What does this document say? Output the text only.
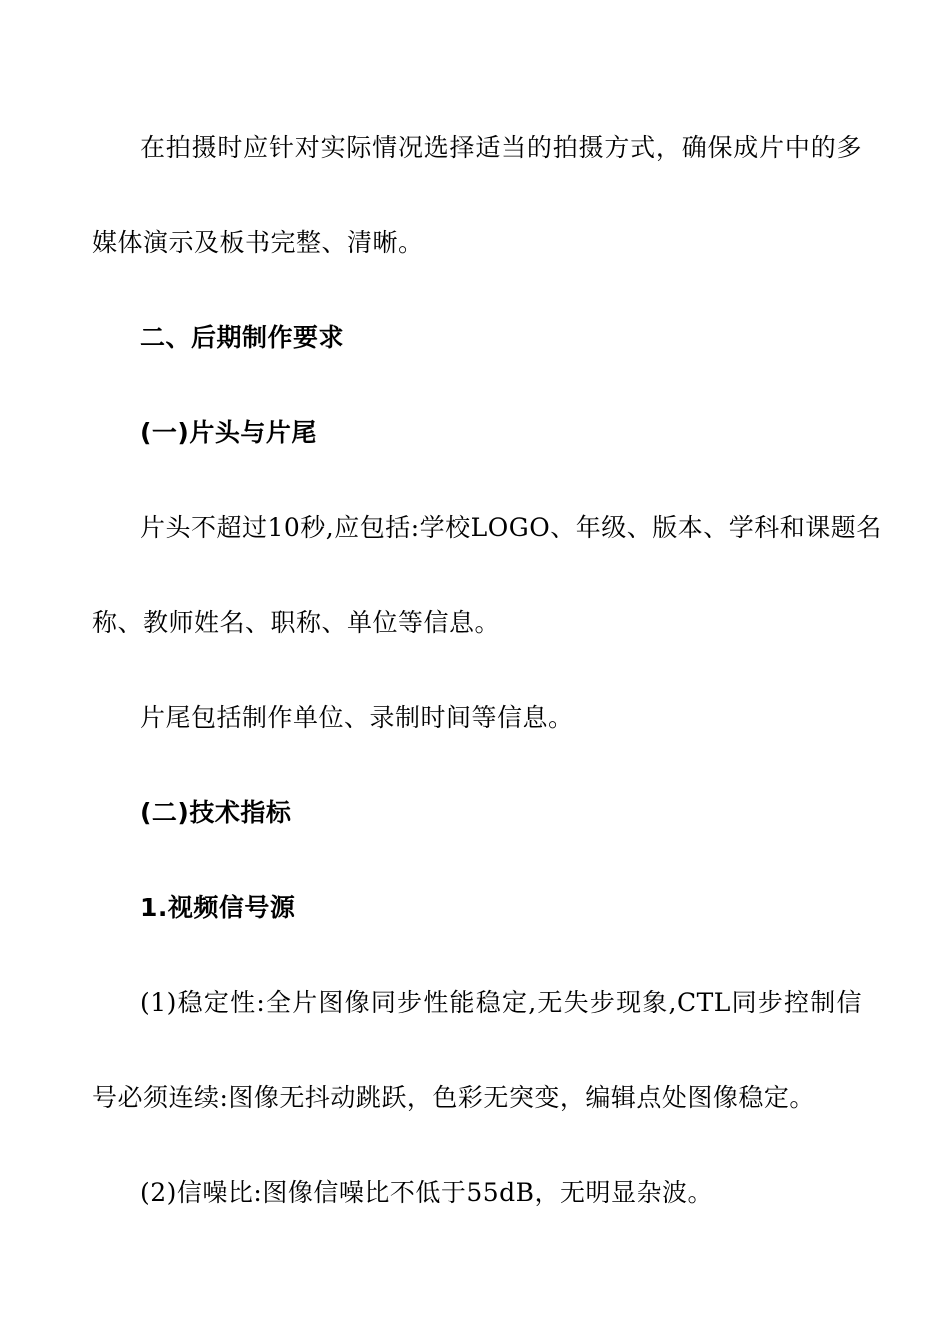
在拍摄时应针对实际情况选择适当的拍摄方式，确保成片中的多
媒体演示及板书完整、清晰。
二、后期制作要求
(一)片头与片尾
片头不超过10秒,应包括:学校LOGO、年级、版本、学科和课题名
称、教师姓名、职称、单位等信息。
片尾包括制作单位、录制时间等信息。
(二)技术指标
1.视频信号源
(1)稳定性:全片图像同步性能稳定,无失步现象,CTL同步控制信
号必须连续:图像无抖动跳跃，色彩无突变，编辑点处图像稳定。
(2)信噪比:图像信噪比不低于55dB，无明显杂波。
